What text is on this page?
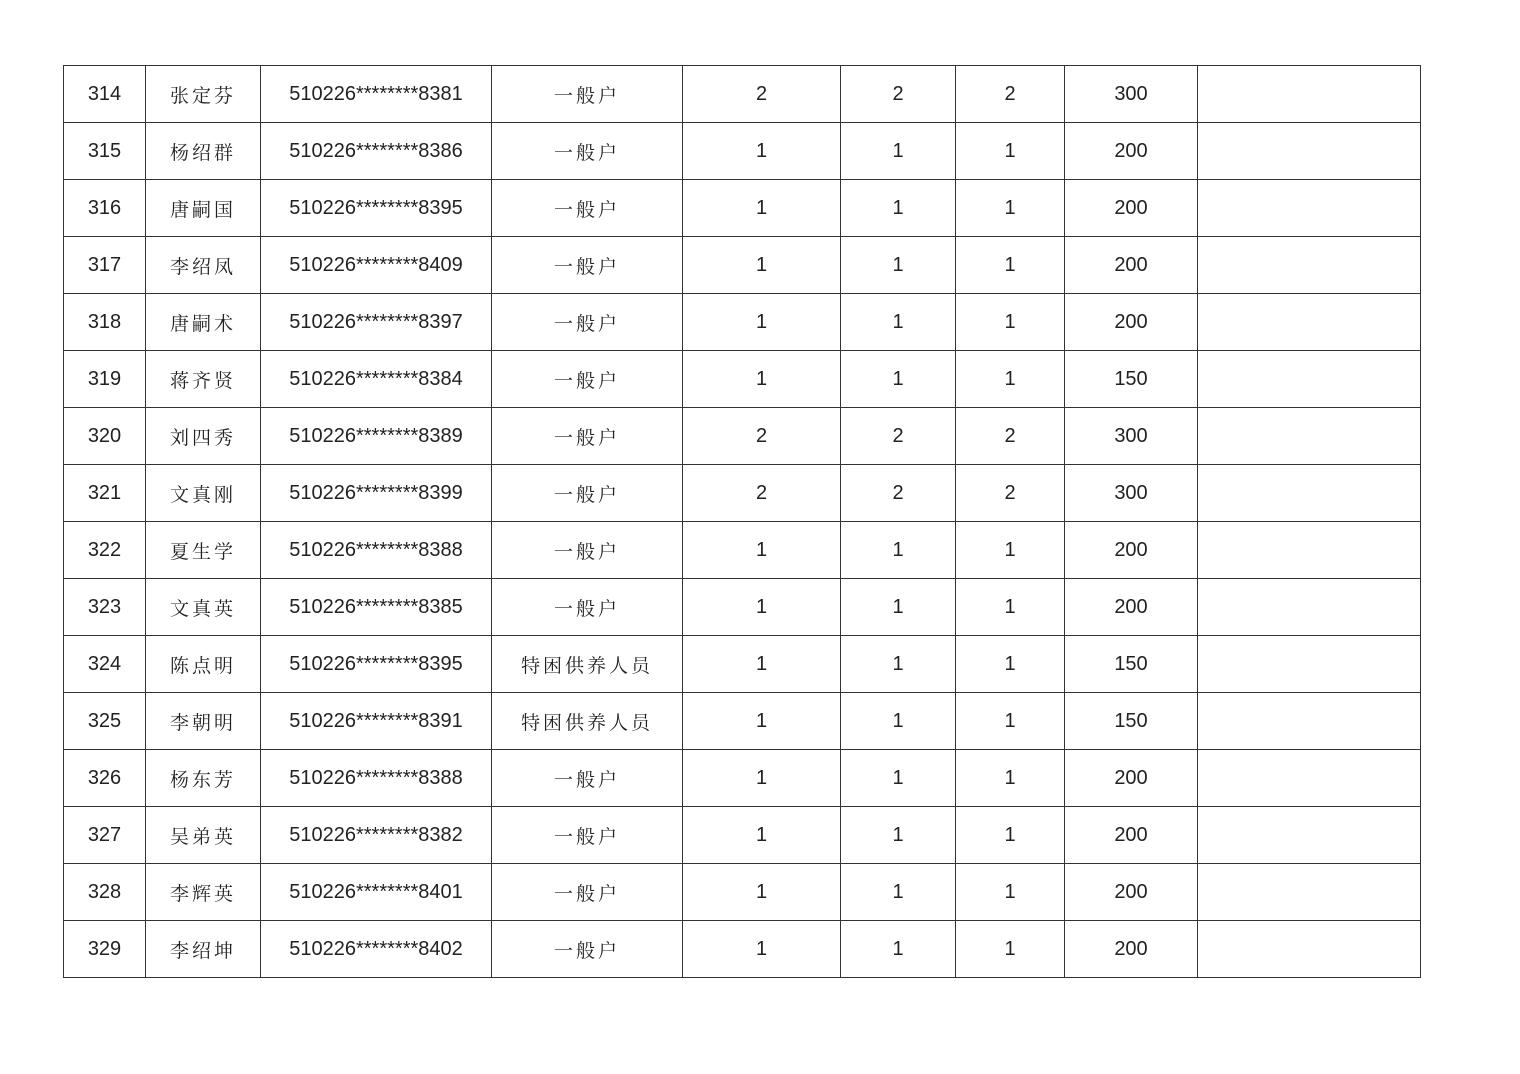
314	张定芬	510226********8381	一般户	2	2	2	300	
315	杨绍群	510226********8386	一般户	1	1	1	200	
316	唐嗣国	510226********8395	一般户	1	1	1	200	
317	李绍凤	510226********8409	一般户	1	1	1	200	
318	唐嗣术	510226********8397	一般户	1	1	1	200	
319	蒋齐贤	510226********8384	一般户	1	1	1	150	
320	刘四秀	510226********8389	一般户	2	2	2	300	
321	文真刚	510226********8399	一般户	2	2	2	300	
322	夏生学	510226********8388	一般户	1	1	1	200	
323	文真英	510226********8385	一般户	1	1	1	200	
324	陈点明	510226********8395	特困供养人员	1	1	1	150	
325	李朝明	510226********8391	特困供养人员	1	1	1	150	
326	杨东芳	510226********8388	一般户	1	1	1	200	
327	吴弟英	510226********8382	一般户	1	1	1	200	
328	李辉英	510226********8401	一般户	1	1	1	200	
329	李绍坤	510226********8402	一般户	1	1	1	200	
